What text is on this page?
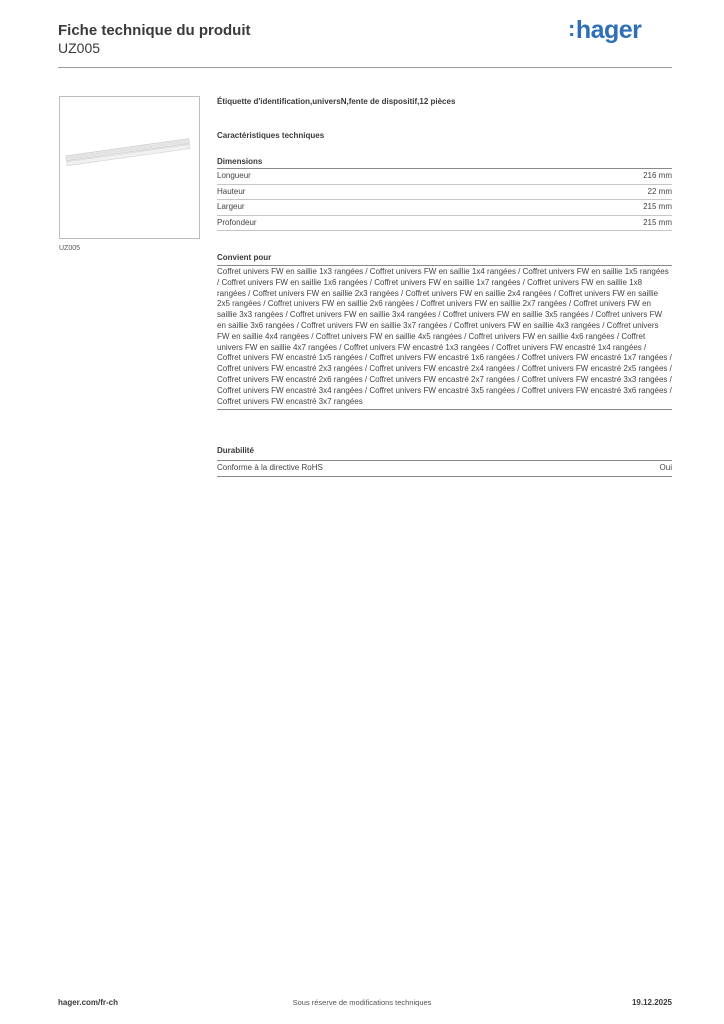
Fiche technique du produit
UZ005
:hager
UZ005
Étiquette d'identification,universN,fente de dispositif,12 pièces
Caractéristiques techniques
Dimensions
Longueur	216 mm
Hauteur	22 mm
Largeur	215 mm
Profondeur	215 mm
Convient pour
Coffret univers FW en saillie 1x3 rangées / Coffret univers FW en saillie 1x4 rangées / Coffret univers FW en saillie 1x5 rangées / Coffret univers FW en saillie 1x6 rangées / Coffret univers FW en saillie 1x7 rangées / Coffret univers FW en saillie 1x8 rangées / Coffret univers FW en saillie 2x3 rangées / Coffret univers FW en saillie 2x4 rangées / Coffret univers FW en saillie 2x5 rangées / Coffret univers FW en saillie 2x6 rangées / Coffret univers FW en saillie 2x7 rangées / Coffret univers FW en saillie 3x3 rangées / Coffret univers FW en saillie 3x4 rangées / Coffret univers FW en saillie 3x5 rangées / Coffret univers FW en saillie 3x6 rangées / Coffret univers FW en saillie 3x7 rangées / Coffret univers FW en saillie 4x3 rangées / Coffret univers FW en saillie 4x4 rangées / Coffret univers FW en saillie 4x5 rangées / Coffret univers FW en saillie 4x6 rangées / Coffret univers FW en saillie 4x7 rangées / Coffret univers FW encastré 1x3 rangées / Coffret univers FW encastré 1x4 rangées / Coffret univers FW encastré 1x5 rangées / Coffret univers FW encastré 1x6 rangées / Coffret univers FW encastré 1x7 rangées / Coffret univers FW encastré 2x3 rangées / Coffret univers FW encastré 2x4 rangées / Coffret univers FW encastré 2x5 rangées / Coffret univers FW encastré 2x6 rangées / Coffret univers FW encastré 2x7 rangées / Coffret univers FW encastré 3x3 rangées / Coffret univers FW encastré 3x4 rangées / Coffret univers FW encastré 3x5 rangées / Coffret univers FW encastré 3x6 rangées / Coffret univers FW encastré 3x7 rangées
Durabilité
Conforme à la directive RoHS	Oui
Sous réserve de modifications techniques
hager.com/fr-ch	19.12.2025
